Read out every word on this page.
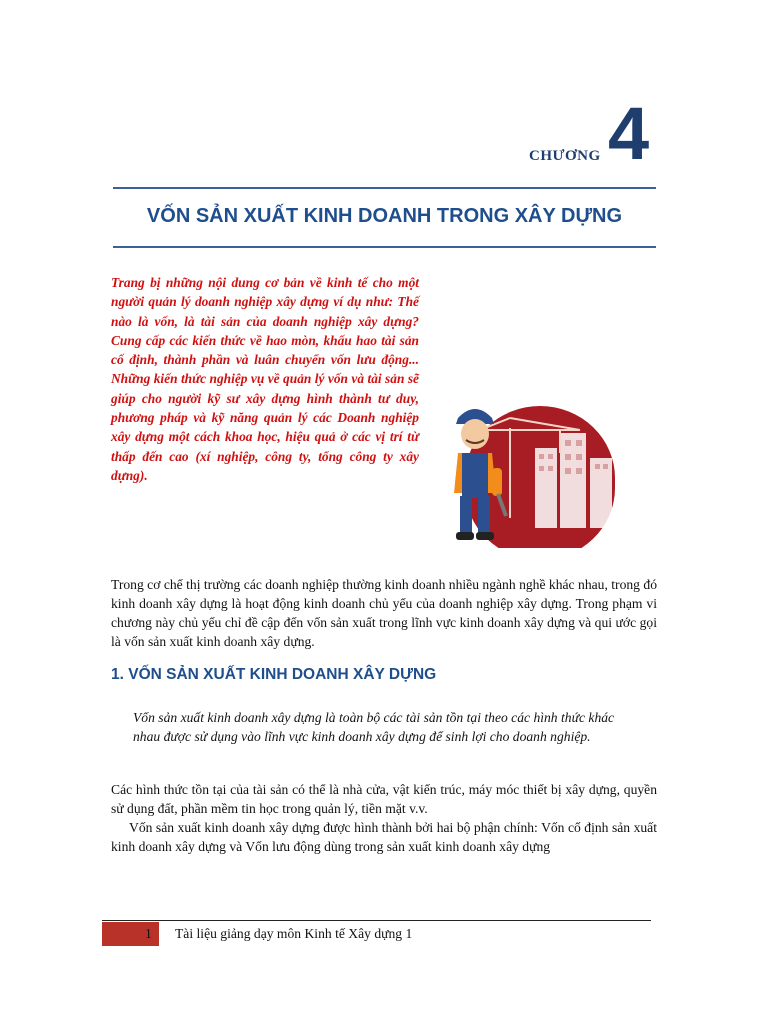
CHƯƠNG 4
VỐN SẢN XUẤT KINH DOANH TRONG XÂY DỰNG
Trang bị những nội dung cơ bản về kinh tế cho một người quản lý doanh nghiệp xây dựng ví dụ như: Thế nào là vốn, là tài sản của doanh nghiệp xây dựng? Cung cấp các kiến thức về hao mòn, khấu hao tài sản cố định, thành phần và luân chuyển vốn lưu động... Những kiến thức nghiệp vụ về quản lý vốn và tài sản sẽ giúp cho người kỹ sư xây dựng hình thành tư duy, phương pháp và kỹ năng quản lý các Doanh nghiệp xây dựng một cách khoa học, hiệu quả ở các vị trí từ thấp đến cao (xí nghiệp, công ty, tổng công ty xây dựng).
Trong cơ chế thị trường các doanh nghiệp thường kinh doanh nhiều ngành nghề khác nhau, trong đó kinh doanh xây dựng là hoạt động kinh doanh chủ yếu của doanh nghiệp xây dựng. Trong phạm vi chương này chủ yếu chỉ đề cập đến vốn sản xuất trong lĩnh vực kinh doanh xây dựng và qui ước gọi là vốn sản xuất kinh doanh xây dựng.
1. VỐN SẢN XUẤT KINH DOANH XÂY DỰNG
Vốn sản xuất kinh doanh xây dựng là toàn bộ các tài sản tồn tại theo các hình thức khác nhau được sử dụng vào lĩnh vực kinh doanh xây dựng để sinh lợi cho doanh nghiệp.
Các hình thức tồn tại của tài sản có thể là nhà cửa, vật kiến trúc, máy móc thiết bị xây dựng, quyền sử dụng đất, phần mềm tin học trong quản lý, tiền mặt v.v.
Vốn sản xuất kinh doanh xây dựng được hình thành bởi hai bộ phận chính: Vốn cố định sản xuất kinh doanh xây dựng và Vốn lưu động dùng trong sản xuất kinh doanh xây dựng
1 Tài liệu giảng dạy môn Kinh tế Xây dựng 1
